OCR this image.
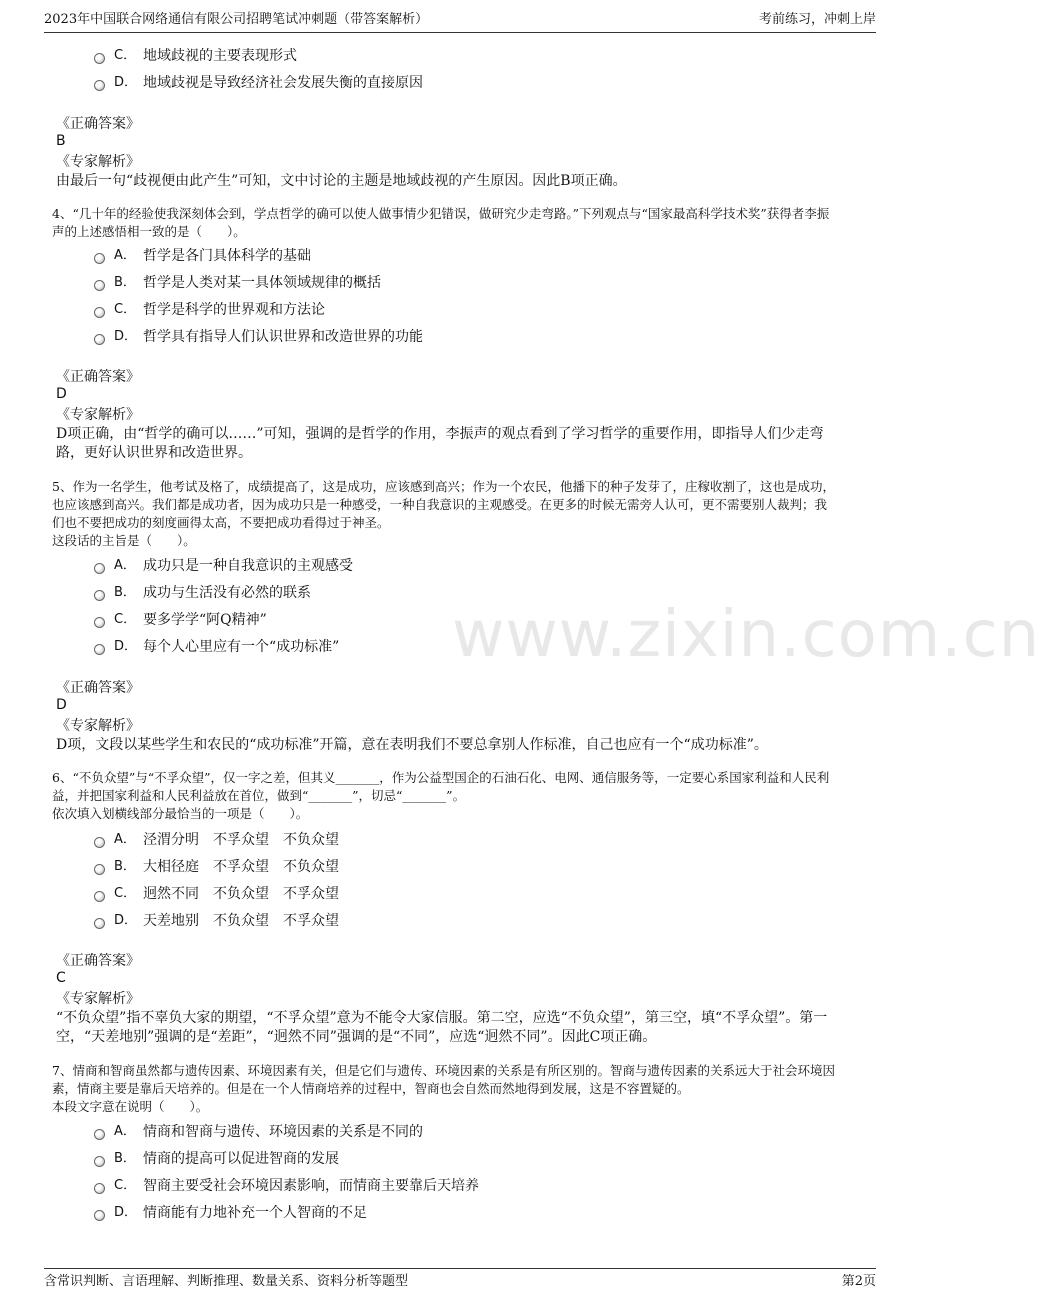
2023年中国联合网络通信有限公司招聘笔试冲刺题（带答案解析）	考前练习，冲刺上岸
www.zixin.com.cn
C． 地域歧视的主要表现形式
D． 地域歧视是导致经济社会发展失衡的直接原因
《正确答案》
B
《专家解析》
由最后一句“歧视便由此产生”可知，文中讨论的主题是地域歧视的产生原因。因此B项正确。
4、“几十年的经验使我深刻体会到，学点哲学的确可以使人做事情少犯错误，做研究少走弯路。”下列观点与“国家最高科学技术奖”获得者李振
声的上述感悟相一致的是（　　）。
A． 哲学是各门具体科学的基础
B． 哲学是人类对某一具体领域规律的概括
C． 哲学是科学的世界观和方法论
D． 哲学具有指导人们认识世界和改造世界的功能
《正确答案》
D
《专家解析》
D项正确，由“哲学的确可以……”可知，强调的是哲学的作用，李振声的观点看到了学习哲学的重要作用，即指导人们少走弯
路，更好认识世界和改造世界。
5、作为一名学生，他考试及格了，成绩提高了，这是成功，应该感到高兴；作为一个农民，他播下的种子发芽了，庄稼收割了，这也是成功，
也应该感到高兴。我们都是成功者，因为成功只是一种感受，一种自我意识的主观感受。在更多的时候无需旁人认可，更不需要别人裁判；我
们也不要把成功的刻度画得太高，不要把成功看得过于神圣。
这段话的主旨是（　　）。
A． 成功只是一种自我意识的主观感受
B． 成功与生活没有必然的联系
C． 要多学学“阿Q精神”
D． 每个人心里应有一个“成功标准”
《正确答案》
D
《专家解析》
D项，文段以某些学生和农民的“成功标准”开篇，意在表明我们不要总拿别人作标准，自己也应有一个“成功标准”。
6、“不负众望”与“不孚众望”，仅一字之差，但其义_______，作为公益型国企的石油石化、电网、通信服务等，一定要心系国家利益和人民利
益，并把国家利益和人民利益放在首位，做到“_______”，切忌“_______”。
依次填入划横线部分最恰当的一项是（　　）。
A． 泾渭分明　不孚众望　不负众望
B． 大相径庭　不孚众望　不负众望
C． 迥然不同　不负众望　不孚众望
D． 天差地别　不负众望　不孚众望
《正确答案》
C
《专家解析》
“不负众望”指不辜负大家的期望，“不孚众望”意为不能令大家信服。第二空，应选“不负众望”，第三空，填“不孚众望”。第一
空，“天差地别”强调的是“差距”，“迥然不同”强调的是“不同”，应选“迥然不同”。因此C项正确。
7、情商和智商虽然都与遗传因素、环境因素有关，但是它们与遗传、环境因素的关系是有所区别的。智商与遗传因素的关系远大于社会环境因
素，情商主要是靠后天培养的。但是在一个人情商培养的过程中，智商也会自然而然地得到发展，这是不容置疑的。
本段文字意在说明（　　）。
A． 情商和智商与遗传、环境因素的关系是不同的
B． 情商的提高可以促进智商的发展
C． 智商主要受社会环境因素影响，而情商主要靠后天培养
D． 情商能有力地补充一个人智商的不足
含常识判断、言语理解、判断推理、数量关系、资料分析等题型	第2页
